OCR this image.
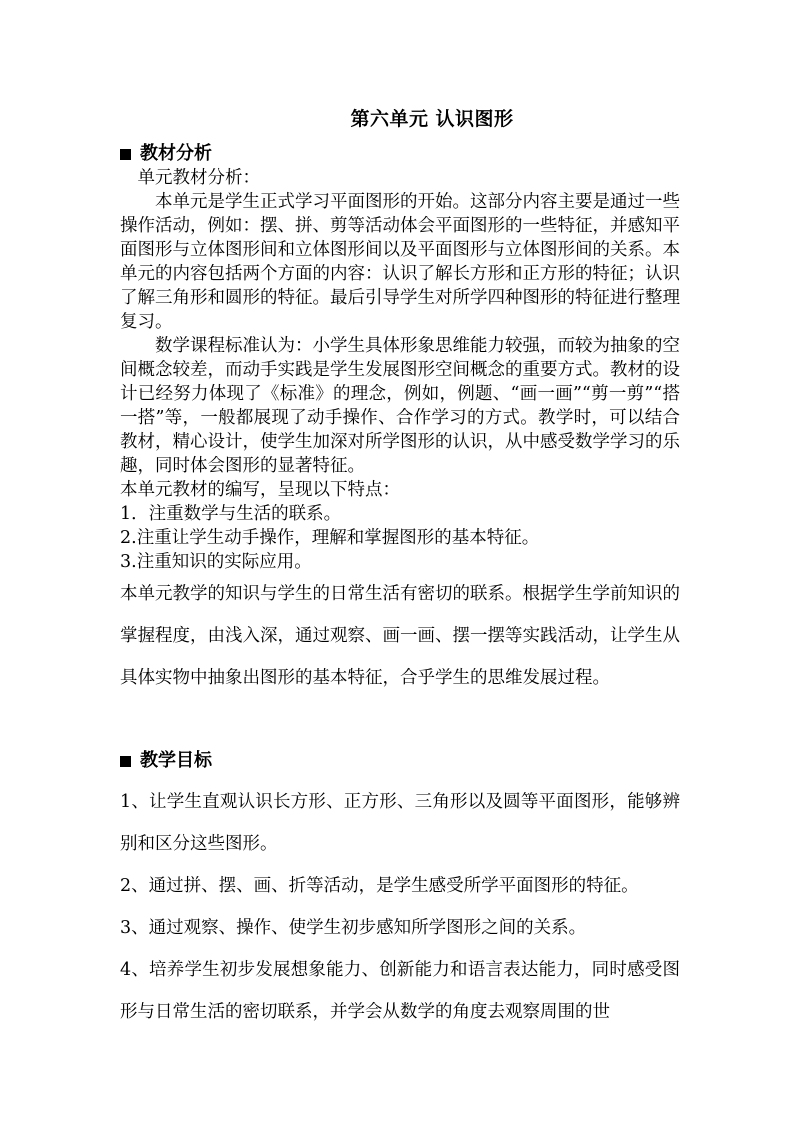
第六单元 认识图形
教材分析

单元教材分析：

本单元是学生正式学习平面图形的开始。这部分内容主要是通过一些操作活动，例如：摆、拼、剪等活动体会平面图形的一些特征，并感知平面图形与立体图形间和立体图形间以及平面图形与立体图形间的关系。本单元的内容包括两个方面的内容：认识了解长方形和正方形的特征；认识了解三角形和圆形的特征。最后引导学生对所学四种图形的特征进行整理复习。

数学课程标准认为：小学生具体形象思维能力较强，而较为抽象的空间概念较差，而动手实践是学生发展图形空间概念的重要方式。教材的设计已经努力体现了《标准》的理念，例如，例题、“画一画”“剪一剪”“搭一搭”等，一般都展现了动手操作、合作学习的方式。教学时，可以结合教材，精心设计，使学生加深对所学图形的认识，从中感受数学学习的乐趣，同时体会图形的显著特征。

本单元教材的编写，呈现以下特点：

1．注重数学与生活的联系。

2.注重让学生动手操作，理解和掌握图形的基本特征。

3.注重知识的实际应用。

本单元教学的知识与学生的日常生活有密切的联系。根据学生学前知识的掌握程度，由浅入深，通过观察、画一画、摆一摆等实践活动，让学生从具体实物中抽象出图形的基本特征，合乎学生的思维发展过程。

教学目标

1、让学生直观认识长方形、正方形、三角形以及圆等平面图形，能够辨别和区分这些图形。

2、通过拼、摆、画、折等活动，是学生感受所学平面图形的特征。

3、通过观察、操作、使学生初步感知所学图形之间的关系。

4、培养学生初步发展想象能力、创新能力和语言表达能力，同时感受图形与日常生活的密切联系，并学会从数学的角度去观察周围的世
